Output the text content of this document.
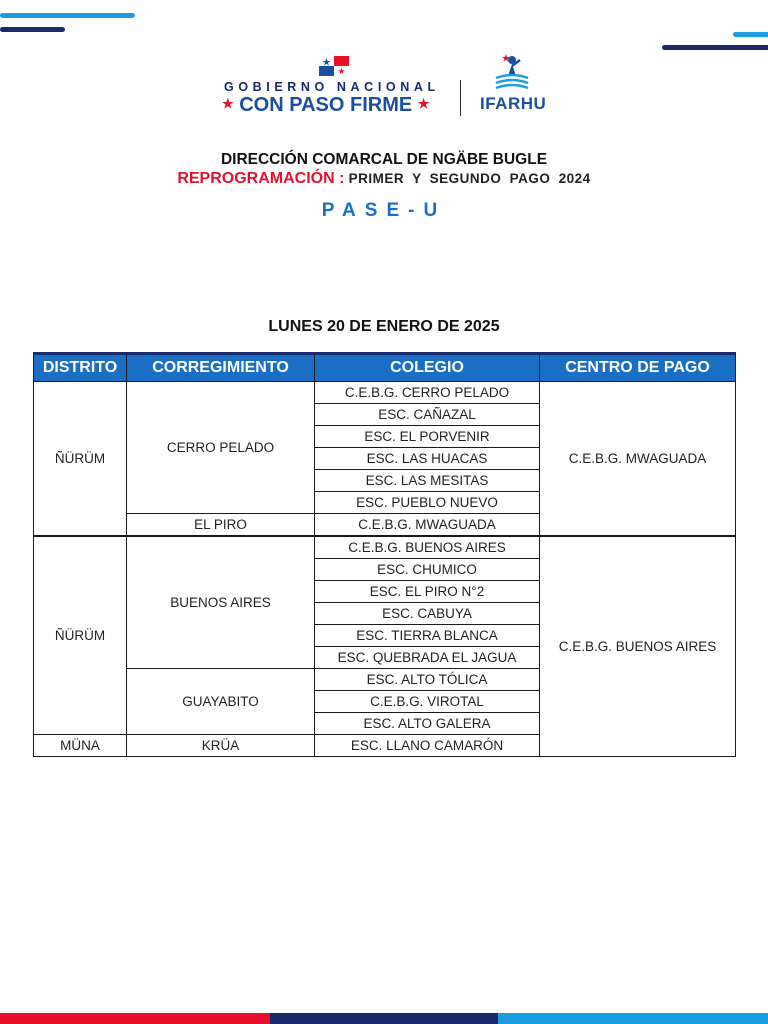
GOBIERNO NACIONAL
★ CON PASO FIRME ★	IFARHU
DIRECCIÓN COMARCAL DE NGÄBE BUGLE
REPROGRAMACIÓN : PRIMER Y SEGUNDO PAGO 2024
PASE-U
LUNES 20 DE ENERO DE 2025
DISTRITO	CORREGIMIENTO	COLEGIO	CENTRO DE PAGO
ÑÜRÜM	CERRO PELADO	C.E.B.G. CERRO PELADO	C.E.B.G. MWAGUADA
		ESC. CAÑAZAL	
		ESC. EL PORVENIR	
		ESC. LAS HUACAS	
		ESC. LAS MESITAS	
		ESC. PUEBLO NUEVO	
	EL PIRO	C.E.B.G. MWAGUADA	
ÑÜRÜM	BUENOS AIRES	C.E.B.G. BUENOS AIRES	C.E.B.G. BUENOS AIRES
		ESC. CHUMICO	
		ESC. EL PIRO N°2	
		ESC. CABUYA	
		ESC. TIERRA BLANCA	
		ESC. QUEBRADA EL JAGUA	
	GUAYABITO	ESC. ALTO TÓLICA	
		C.E.B.G. VIROTAL	
		ESC. ALTO GALERA	
MÜNA	KRÜA	ESC. LLANO CAMARÓN	
